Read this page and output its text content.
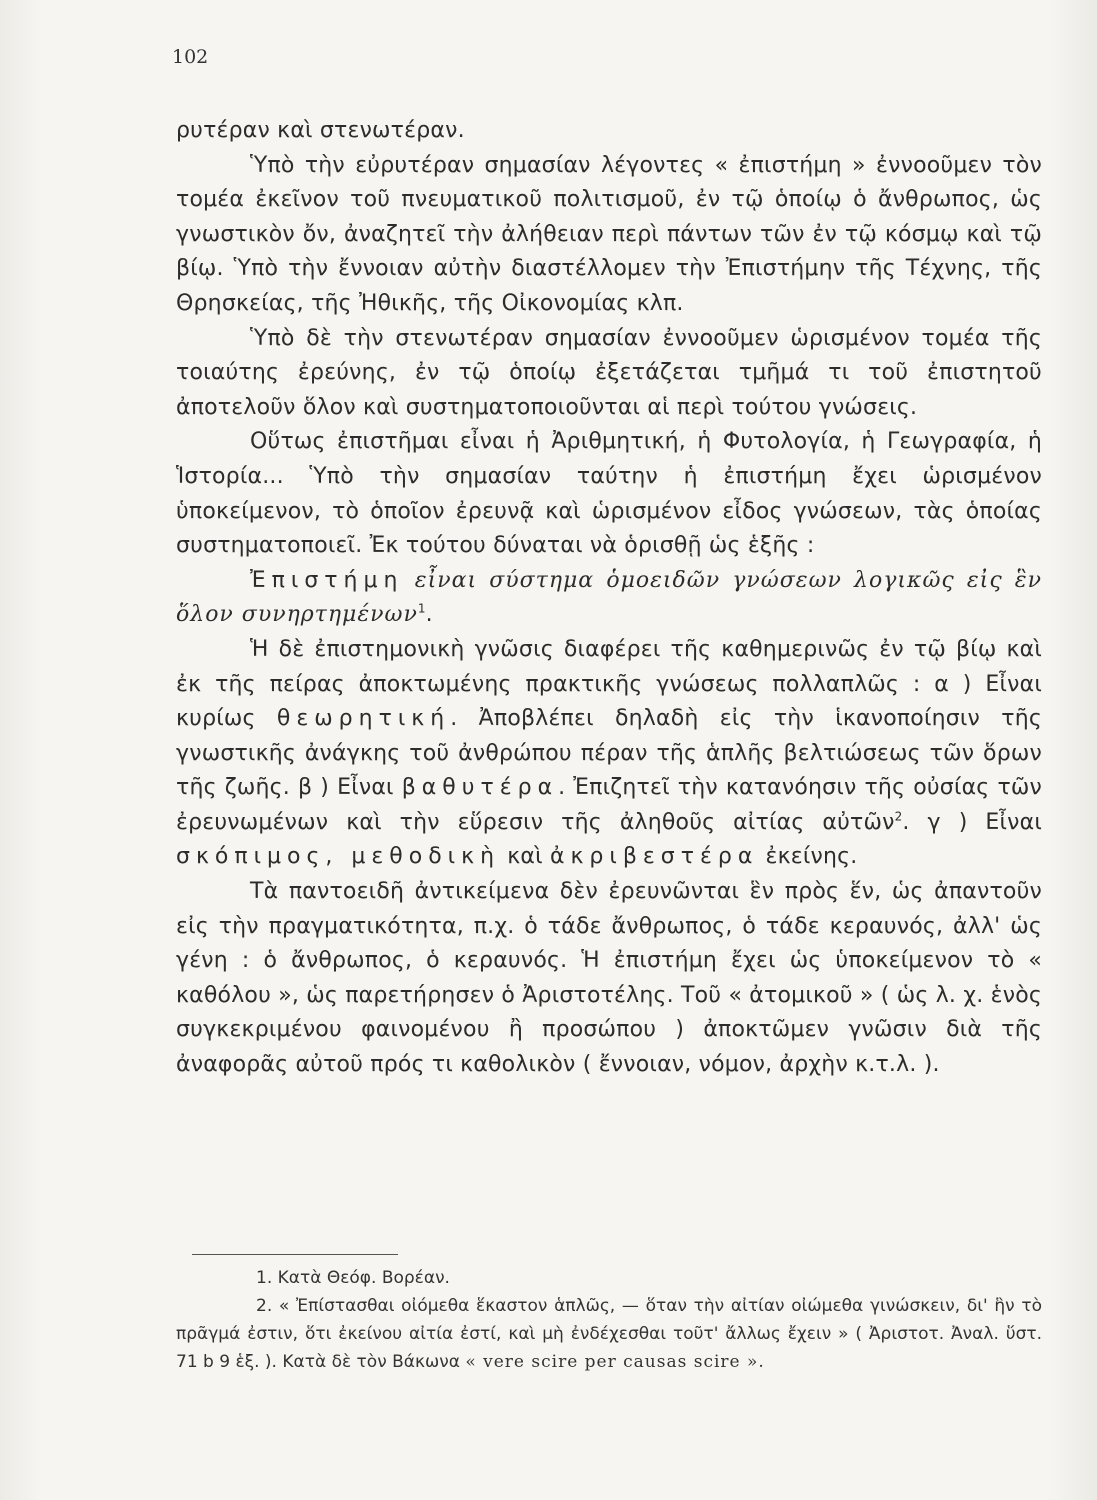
102

ρυτέραν καὶ στενωτέραν.

Ὑπὸ τὴν εὐρυτέραν σημασίαν λέγοντες « ἐπιστήμη » ἐννοοῦμεν τὸν τομέα ἐκεῖνον τοῦ πνευματικοῦ πολιτισμοῦ, ἐν τῷ ὁποίῳ ὁ ἄνθρωπος, ὡς γνωστικὸν ὄν, ἀναζητεῖ τὴν ἀλήθειαν περὶ πάντων τῶν ἐν τῷ κόσμῳ καὶ τῷ βίῳ. Ὑπὸ τὴν ἔννοιαν αὐτὴν διαστέλλομεν τὴν Ἐπιστήμην τῆς Τέχνης, τῆς Θρησκείας, τῆς Ἠθικῆς, τῆς Οἰκονομίας κλπ.

Ὑπὸ δὲ τὴν στενωτέραν σημασίαν ἐννοοῦμεν ὡρισμένον τομέα τῆς τοιαύτης ἐρεύνης, ἐν τῷ ὁποίῳ ἐξετάζεται τμῆμά τι τοῦ ἐπιστητοῦ ἀποτελοῦν ὅλον καὶ συστηματοποιοῦνται αἱ περὶ τούτου γνώσεις.

Οὕτως ἐπιστῆμαι εἶναι ἡ Ἀριθμητική, ἡ Φυτολογία, ἡ Γεωγραφία, ἡ Ἱστορία... Ὑπὸ τὴν σημασίαν ταύτην ἡ ἐπιστήμη ἔχει ὡρισμένον ὑποκείμενον, τὸ ὁποῖον ἐρευνᾷ καὶ ὡρισμένον εἶδος γνώσεων, τὰς ὁποίας συστηματοποιεῖ. Ἐκ τούτου δύναται νὰ ὁρισθῇ ὡς ἑξῆς :

Ἐπιστήμη εἶναι σύστημα ὁμοειδῶν γνώσεων λογικῶς εἰς ἓν ὅλον συνηρτημένων$^1$.

Ἡ δὲ ἐπιστημονικὴ γνῶσις διαφέρει τῆς καθημερινῶς ἐν τῷ βίῳ καὶ ἐκ τῆς πείρας ἀποκτωμένης πρακτικῆς γνώσεως πολλαπλῶς : α ) Εἶναι κυρίως θεωρητική. Ἀποβλέπει δηλαδὴ εἰς τὴν ἱκανοποίησιν τῆς γνωστικῆς ἀνάγκης τοῦ ἀνθρώπου πέραν τῆς ἁπλῆς βελτιώσεως τῶν ὅρων τῆς ζωῆς. β ) Εἶναι βαθυτέρα. Ἐπιζητεῖ τὴν κατανόησιν τῆς οὐσίας τῶν ἐρευνωμένων καὶ τὴν εὕρεσιν τῆς ἀληθοῦς αἰτίας αὐτῶν$^2$. γ ) Εἶναι σκόπιμος, μεθοδικὴ καὶ ἀκριβεστέρα ἐκείνης.

Τὰ παντοειδῆ ἀντικείμενα δὲν ἐρευνῶνται ἓν πρὸς ἕν, ὡς ἀπαντοῦν εἰς τὴν πραγματικότητα, π.χ. ὁ τάδε ἄνθρωπος, ὁ τάδε κεραυνός, ἀλλ' ὡς γένη : ὁ ἄνθρωπος, ὁ κεραυνός. Ἡ ἐπιστήμη ἔχει ὡς ὑποκείμενον τὸ « καθόλου », ὡς παρετήρησεν ὁ Ἀριστοτέλης. Τοῦ « ἀτομικοῦ » ( ὡς λ. χ. ἑνὸς συγκεκριμένου φαινομένου ἢ προσώπου ) ἀποκτῶμεν γνῶσιν διὰ τῆς ἀναφορᾶς αὐτοῦ πρός τι καθολικὸν ( ἔννοιαν, νόμον, ἀρχὴν κ.τ.λ. ).

1. Κατὰ Θεόφ. Βορέαν.

2. « Ἐπίστασθαι οἰόμεθα ἕκαστον ἁπλῶς, — ὅταν τὴν αἰτίαν οἰώμεθα γινώσκειν, δι' ἣν τὸ πρᾶγμά ἐστιν, ὅτι ἐκείνου αἰτία ἐστί, καὶ μὴ ἐνδέχεσθαι τοῦτ' ἄλλως ἔχειν » ( Ἀριστοτ. Ἀναλ. ὕστ. 71 b 9 ἑξ. ). Κατὰ δὲ τὸν Βάκωνα « vere scire per causas scire ».
